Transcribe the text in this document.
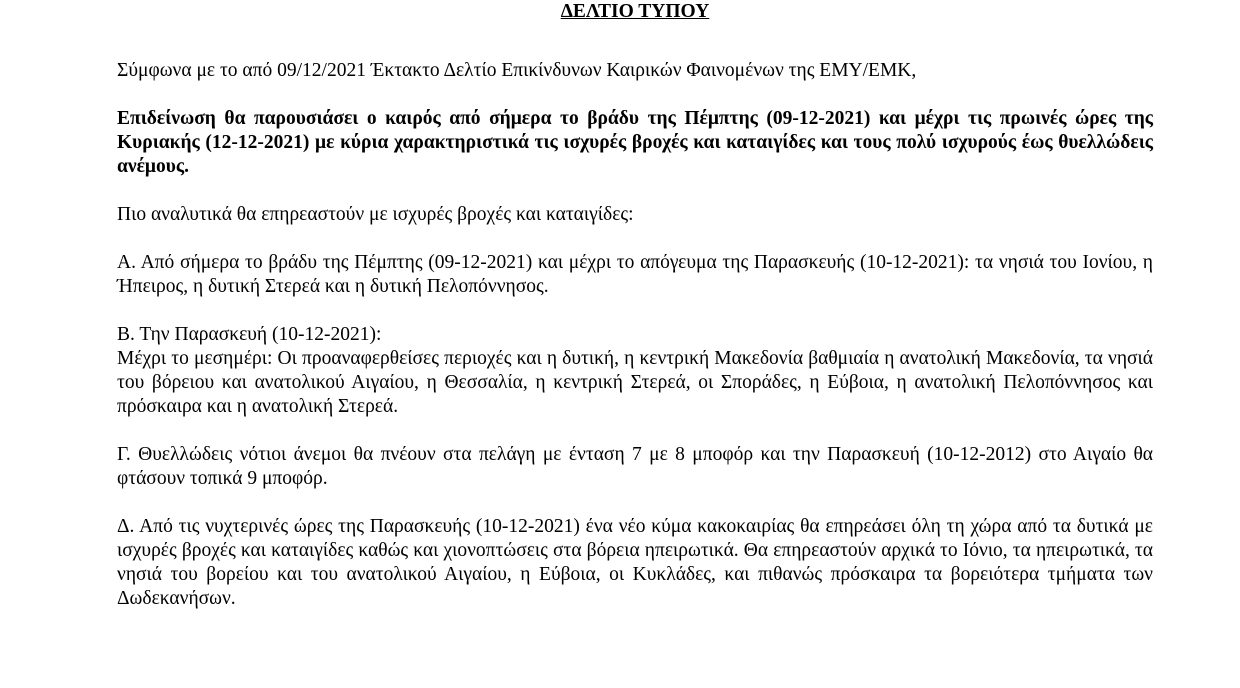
ΔΕΛΤΙΟ ΤΥΠΟΥ

Σύμφωνα με το από 09/12/2021 Έκτακτο Δελτίο Επικίνδυνων Καιρικών Φαινομένων της ΕΜΥ/ΕΜΚ,

Επιδείνωση θα παρουσιάσει ο καιρός από σήμερα το βράδυ της Πέμπτης (09-12-2021) και μέχρι τις πρωινές ώρες της Κυριακής (12-12-2021) με κύρια χαρακτηριστικά τις ισχυρές βροχές και καταιγίδες και τους πολύ ισχυρούς έως θυελλώδεις ανέμους.

Πιο αναλυτικά θα επηρεαστούν με ισχυρές βροχές και καταιγίδες:

Α. Από σήμερα το βράδυ της Πέμπτης (09-12-2021) και μέχρι το απόγευμα της Παρασκευής (10-12-2021): τα νησιά του Ιονίου, η Ήπειρος, η δυτική Στερεά και η δυτική Πελοπόννησος.

Β. Την Παρασκευή (10-12-2021):
Μέχρι το μεσημέρι: Οι προαναφερθείσες περιοχές και η δυτική, η κεντρική Μακεδονία βαθμιαία η ανατολική Μακεδονία, τα νησιά του βόρειου και ανατολικού Αιγαίου, η Θεσσαλία, η κεντρική Στερεά, οι Σποράδες, η Εύβοια, η ανατολική Πελοπόννησος και πρόσκαιρα και η ανατολική Στερεά.

Γ. Θυελλώδεις νότιοι άνεμοι θα πνέουν στα πελάγη με ένταση 7 με 8 μποφόρ και την Παρασκευή (10-12-2012) στο Αιγαίο θα φτάσουν τοπικά 9 μποφόρ.

Δ. Από τις νυχτερινές ώρες της Παρασκευής (10-12-2021) ένα νέο κύμα κακοκαιρίας θα επηρεάσει όλη τη χώρα από τα δυτικά με ισχυρές βροχές και καταιγίδες καθώς και χιονοπτώσεις στα βόρεια ηπειρωτικά. Θα επηρεαστούν αρχικά το Ιόνιο, τα ηπειρωτικά, τα νησιά του βορείου και του ανατολικού Αιγαίου, η Εύβοια, οι Κυκλάδες, και πιθανώς πρόσκαιρα τα βορειότερα τμήματα των Δωδεκανήσων.
